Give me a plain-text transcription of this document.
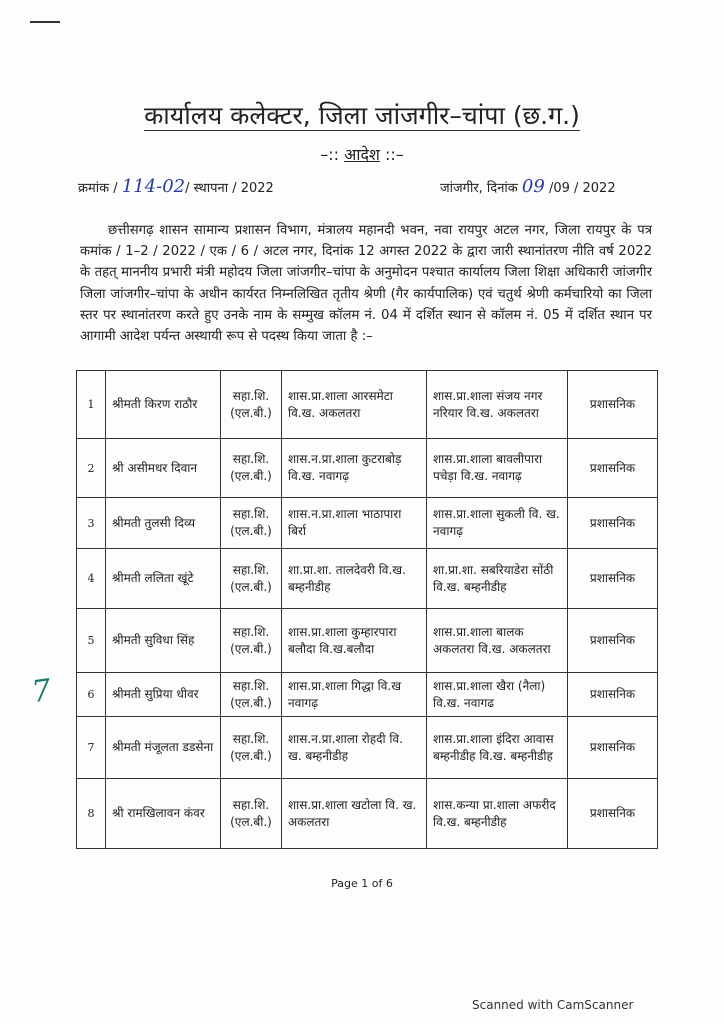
कार्यालय कलेक्टर, जिला जांजगीर–चांपा (छ.ग.)
–:: आदेश ::–
क्रमांक / 114-02/ स्थापना / 2022	जांजगीर, दिनांक 09 /09 / 2022
छत्तीसगढ़ शासन सामान्य प्रशासन विभाग, मंत्रालय महानदी भवन, नवा रायपुर अटल नगर, जिला रायपुर के पत्र कमांक / 1–2 / 2022 / एक / 6 / अटल नगर, दिनांक 12 अगस्त 2022 के द्वारा जारी स्थानांतरण नीति वर्ष 2022 के तहत् माननीय प्रभारी मंत्री महोदय जिला जांजगीर–चांपा के अनुमोदन पश्चात कार्यालय जिला शिक्षा अधिकारी जांजगीर जिला जांजगीर–चांपा के अधीन कार्यरत निम्नलिखित तृतीय श्रेणी (गैर कार्यपालिक) एवं चतुर्थ श्रेणी कर्मचारियो का जिला स्तर पर स्थानांतरण करते हुए उनके नाम के सम्मुख कॉलम नं. 04 में दर्शित स्थान से कॉलम नं. 05 में दर्शित स्थान पर आगामी आदेश पर्यन्त अस्थायी रूप से पदस्थ किया जाता है :–
1	श्रीमती किरण राठौर	सहा.शि. (एल.बी.)	शास.प्रा.शाला आरसमेटा वि.ख. अकलतरा	शास.प्रा.शाला संजय नगर नरियार वि.ख. अकलतरा	प्रशासनिक
2	श्री असीमधर दिवान	सहा.शि. (एल.बी.)	शास.न.प्रा.शाला कुटराबोड़ वि.ख. नवागढ़	शास.प्रा.शाला बावलीपारा पचेड़ा वि.ख. नवागढ़	प्रशासनिक
3	श्रीमती तुलसी दिव्य	सहा.शि. (एल.बी.)	शास.न.प्रा.शाला भाठापारा बिर्रा	शास.प्रा.शाला सुकली वि. ख. नवागढ़	प्रशासनिक
4	श्रीमती ललिता खूंटे	सहा.शि. (एल.बी.)	शा.प्रा.शा. तालदेवरी वि.ख. बम्हनीडीह	शा.प्रा.शा. सबरियाडेरा सोंठी वि.ख. बम्हनीडीह	प्रशासनिक
5	श्रीमती सुविधा सिंह	सहा.शि. (एल.बी.)	शास.प्रा.शाला कुम्हारपारा बलौदा वि.ख.बलौदा	शास.प्रा.शाला बालक अकलतरा वि.ख. अकलतरा	प्रशासनिक
6	श्रीमती सुप्रिया धीवर	सहा.शि. (एल.बी.)	शास.प्रा.शाला गिद्धा वि.ख नवागढ़	शास.प्रा.शाला खैरा (नैला) वि.ख. नवागढ	प्रशासनिक
7	श्रीमती मंजूलता डडसेना	सहा.शि. (एल.बी.)	शास.न.प्रा.शाला रोहदी वि. ख. बम्हनीडीह	शास.प्रा.शाला इंदिरा आवास बम्हनीडीह वि.ख. बम्हनीडीह	प्रशासनिक
8	श्री रामखिलावन कंवर	सहा.शि. (एल.बी.)	शास.प्रा.शाला खटोला वि. ख. अकलतरा	शास.कन्या प्रा.शाला अफरीद वि.ख. बम्हनीडीह	प्रशासनिक
7
Page 1 of 6
Scanned with CamScanner
